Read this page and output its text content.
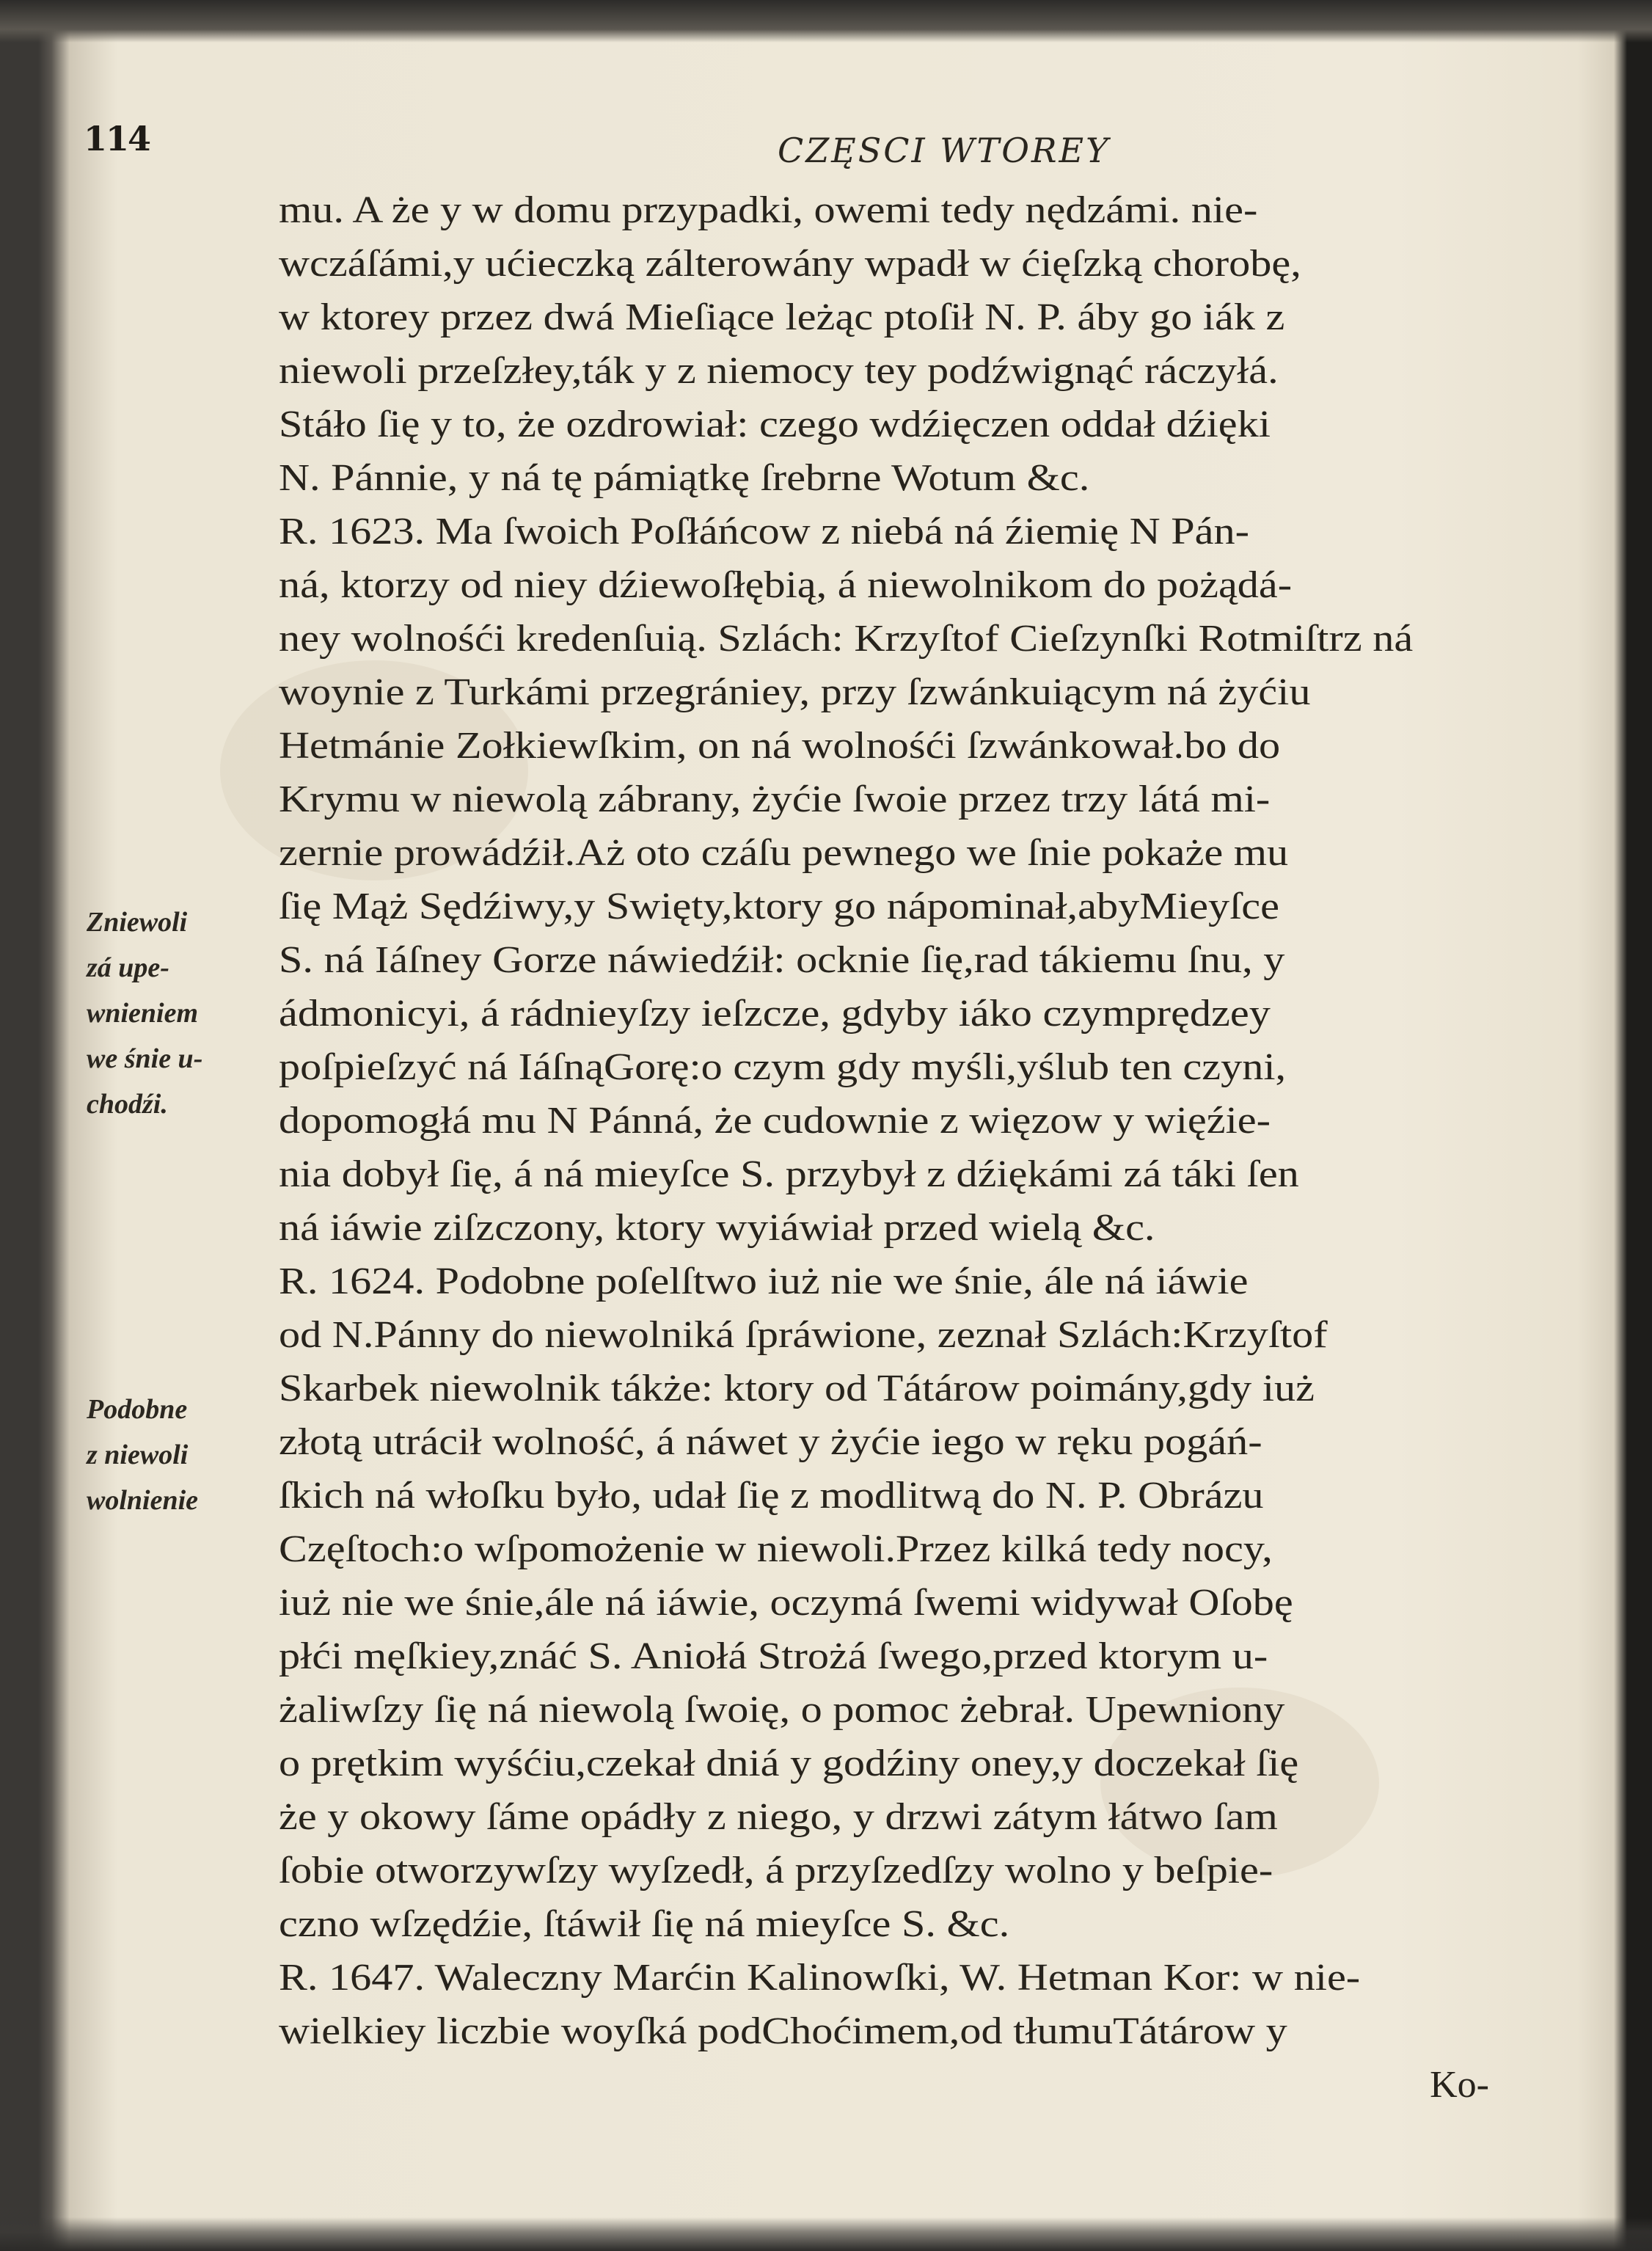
114	CZĘSCI WTOREY
mu. A że y w domu przypadki, owemi tedy nędzámi. nie-
wczáſámi,y ućieczką zálterowány wpadł w ćięſzką chorobę,
w ktorey przez dwá Mieſiące leżąc ptoſił N. P. áby go iák z
niewoli przeſzłey,ták y z niemocy tey podźwignąć ráczyłá.
Stáło ſię y to, że ozdrowiał: czego wdźięczen oddał dźięki
N. Pánnie, y ná tę pámiątkę ſrebrne Wotum &c.
R. 1623. Ma ſwoich Poſłáńcow z niebá ná źiemię N Pán-
ná, ktorzy od niey dźiewoſłębią, á niewolnikom do pożądá-
ney wolnośći kredenſuią. Szlách: Krzyſtof Cieſzynſki Rotmiſtrz ná
woynie z Turkámi przegrániey, przy ſzwánkuiącym ná żyćiu
Hetmánie Zołkiewſkim, on ná wolnośći ſzwánkował.bo do
Krymu w niewolą zábrany, żyćie ſwoie przez trzy látá mi-
zernie prowádźił.Aż oto czáſu pewnego we ſnie pokaże mu
ſię Mąż Sędźiwy,y Swięty,ktory go nápominał,abyMieyſce
S. ná Iáſney Gorze náwiedźił: ocknie ſię,rad tákiemu ſnu, y
ádmonicyi, á rádnieyſzy ieſzcze, gdyby iáko czymprędzey
poſpieſzyć ná IáſnąGorę:o czym gdy myśli,yślub ten czyni,
dopomogłá mu N Pánná, że cudownie z więzow y więźie-
nia dobył ſię, á ná mieyſce S. przybył z dźiękámi zá táki ſen
ná iáwie ziſzczony, ktory wyiáwiał przed wielą &c.
R. 1624. Podobne poſelſtwo iuż nie we śnie, ále ná iáwie
od N.Pánny do niewolniká ſpráwione, zeznał Szlách:Krzyſtof
Skarbek niewolnik tákże: ktory od Tátárow poimány,gdy iuż
złotą utrácił wolność, á náwet y żyćie iego w ręku pogáń-
ſkich ná włoſku było, udał ſię z modlitwą do N. P. Obrázu
Częſtoch:o wſpomożenie w niewoli.Przez kilká tedy nocy,
iuż nie we śnie,ále ná iáwie, oczymá ſwemi widywał Oſobę
płći męſkiey,znáć S. Aniołá Strożá ſwego,przed ktorym u-
żaliwſzy ſię ná niewolą ſwoię, o pomoc żebrał. Upewniony
o prętkim wyśćiu,czekał dniá y godźiny oney,y doczekał ſię
że y okowy ſáme opádły z niego, y drzwi zátym łátwo ſam
ſobie otworzywſzy wyſzedł, á przyſzedſzy wolno y beſpie-
czno wſzędźie, ſtáwił ſię ná mieyſce S. &c.
R. 1647. Waleczny Marćin Kalinowſki, W. Hetman Kor: w nie-
wielkiey liczbie woyſká podChoćimem,od tłumuTátárow y
Ko-
Zniewoli
zá upe-
wnieniem
we śnie u-
chodźi.
Podobne
z niewoli
wolnienie
